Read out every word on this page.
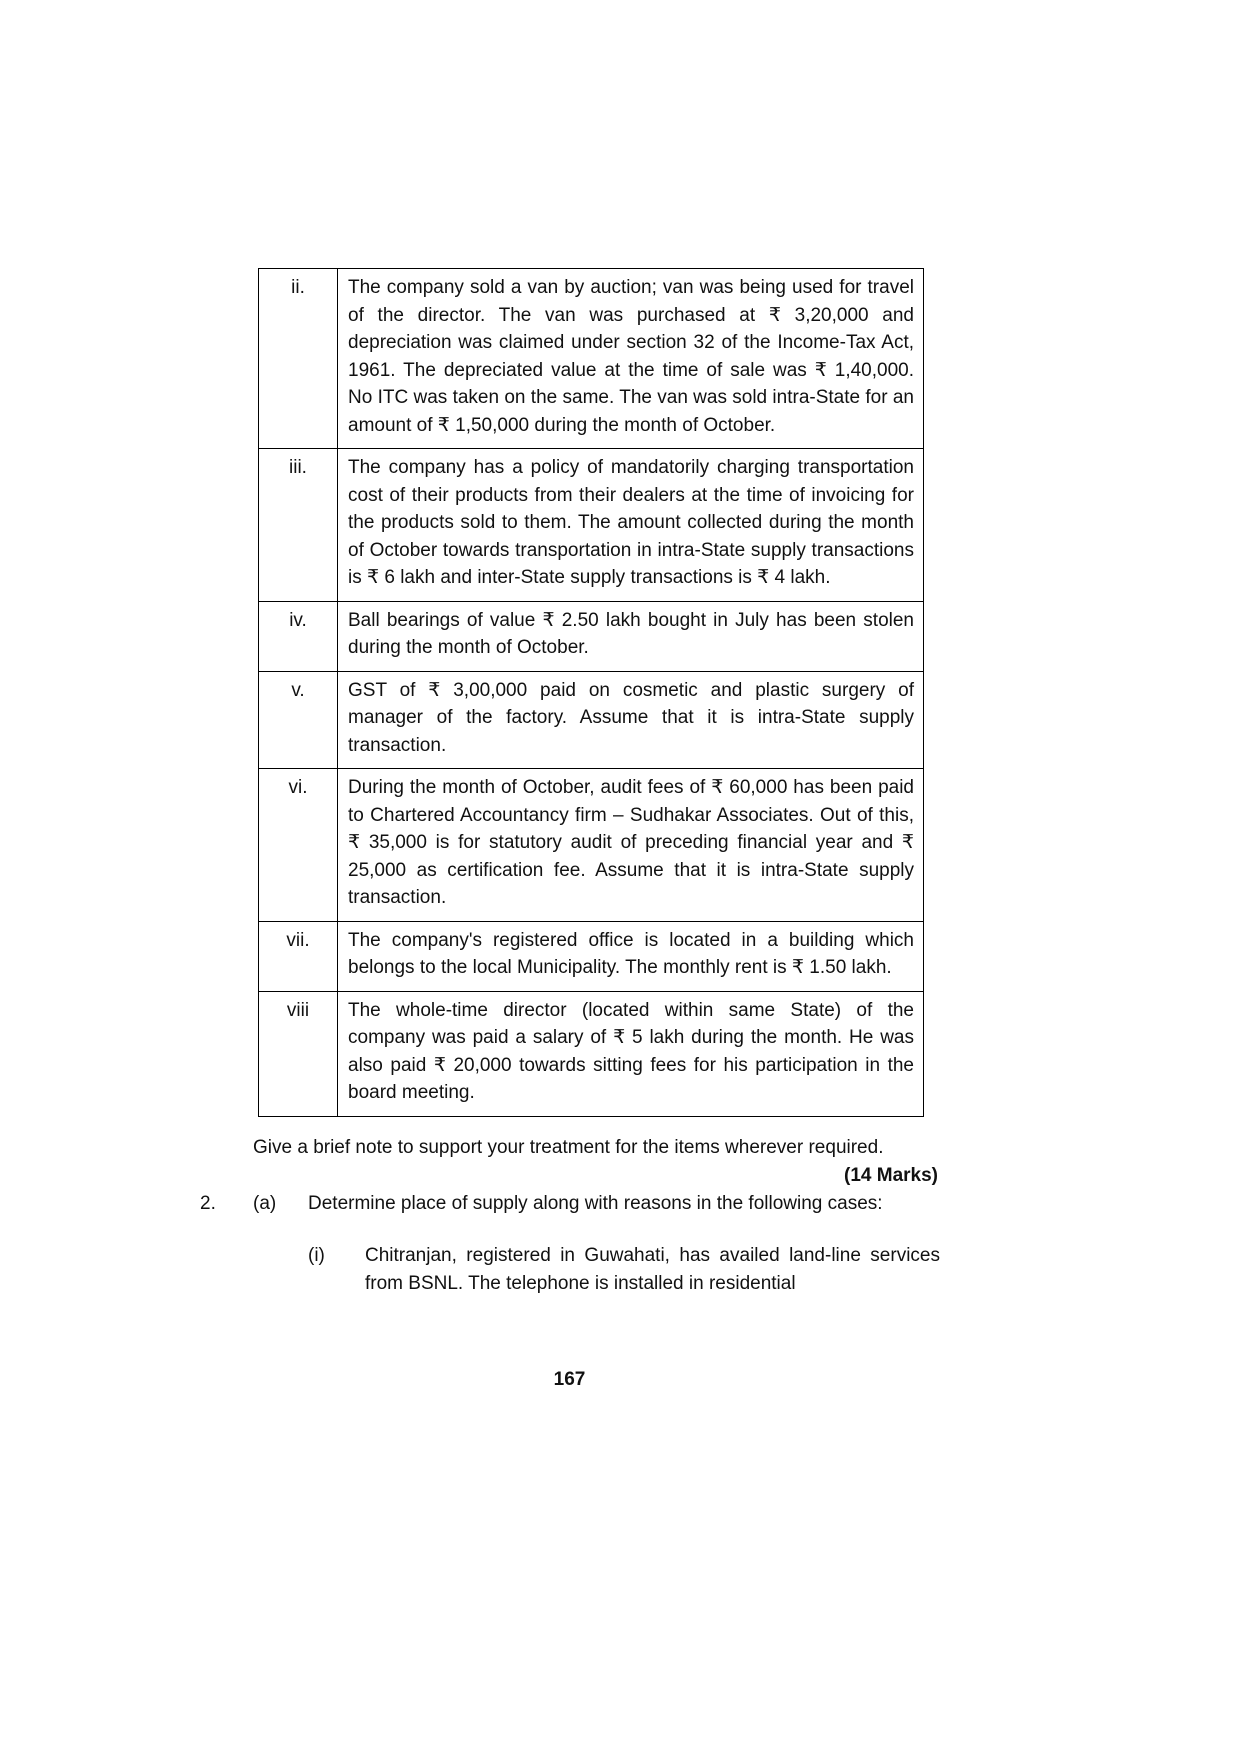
ii.	The company sold a van by auction; van was being used for travel of the director. The van was purchased at ₹ 3,20,000 and depreciation was claimed under section 32 of the Income-Tax Act, 1961. The depreciated value at the time of sale was ₹ 1,40,000. No ITC was taken on the same. The van was sold intra-State for an amount of ₹ 1,50,000 during the month of October.
iii.	The company has a policy of mandatorily charging transportation cost of their products from their dealers at the time of invoicing for the products sold to them. The amount collected during the month of October towards transportation in intra-State supply transactions is ₹ 6 lakh and inter-State supply transactions is ₹ 4 lakh.
iv.	Ball bearings of value ₹ 2.50 lakh bought in July has been stolen during the month of October.
v.	GST of ₹ 3,00,000 paid on cosmetic and plastic surgery of manager of the factory. Assume that it is intra-State supply transaction.
vi.	During the month of October, audit fees of ₹ 60,000 has been paid to Chartered Accountancy firm – Sudhakar Associates. Out of this, ₹ 35,000 is for statutory audit of preceding financial year and ₹ 25,000 as certification fee. Assume that it is intra-State supply transaction.
vii.	The company's registered office is located in a building which belongs to the local Municipality. The monthly rent is ₹ 1.50 lakh.
viii	The whole-time director (located within same State) of the company was paid a salary of ₹ 5 lakh during the month. He was also paid ₹ 20,000 towards sitting fees for his participation in the board meeting.
Give a brief note to support your treatment for the items wherever required.
(14 Marks)
2.	(a)	Determine place of supply along with reasons in the following cases:
(i)	Chitranjan, registered in Guwahati, has availed land-line services from BSNL. The telephone is installed in residential
167
